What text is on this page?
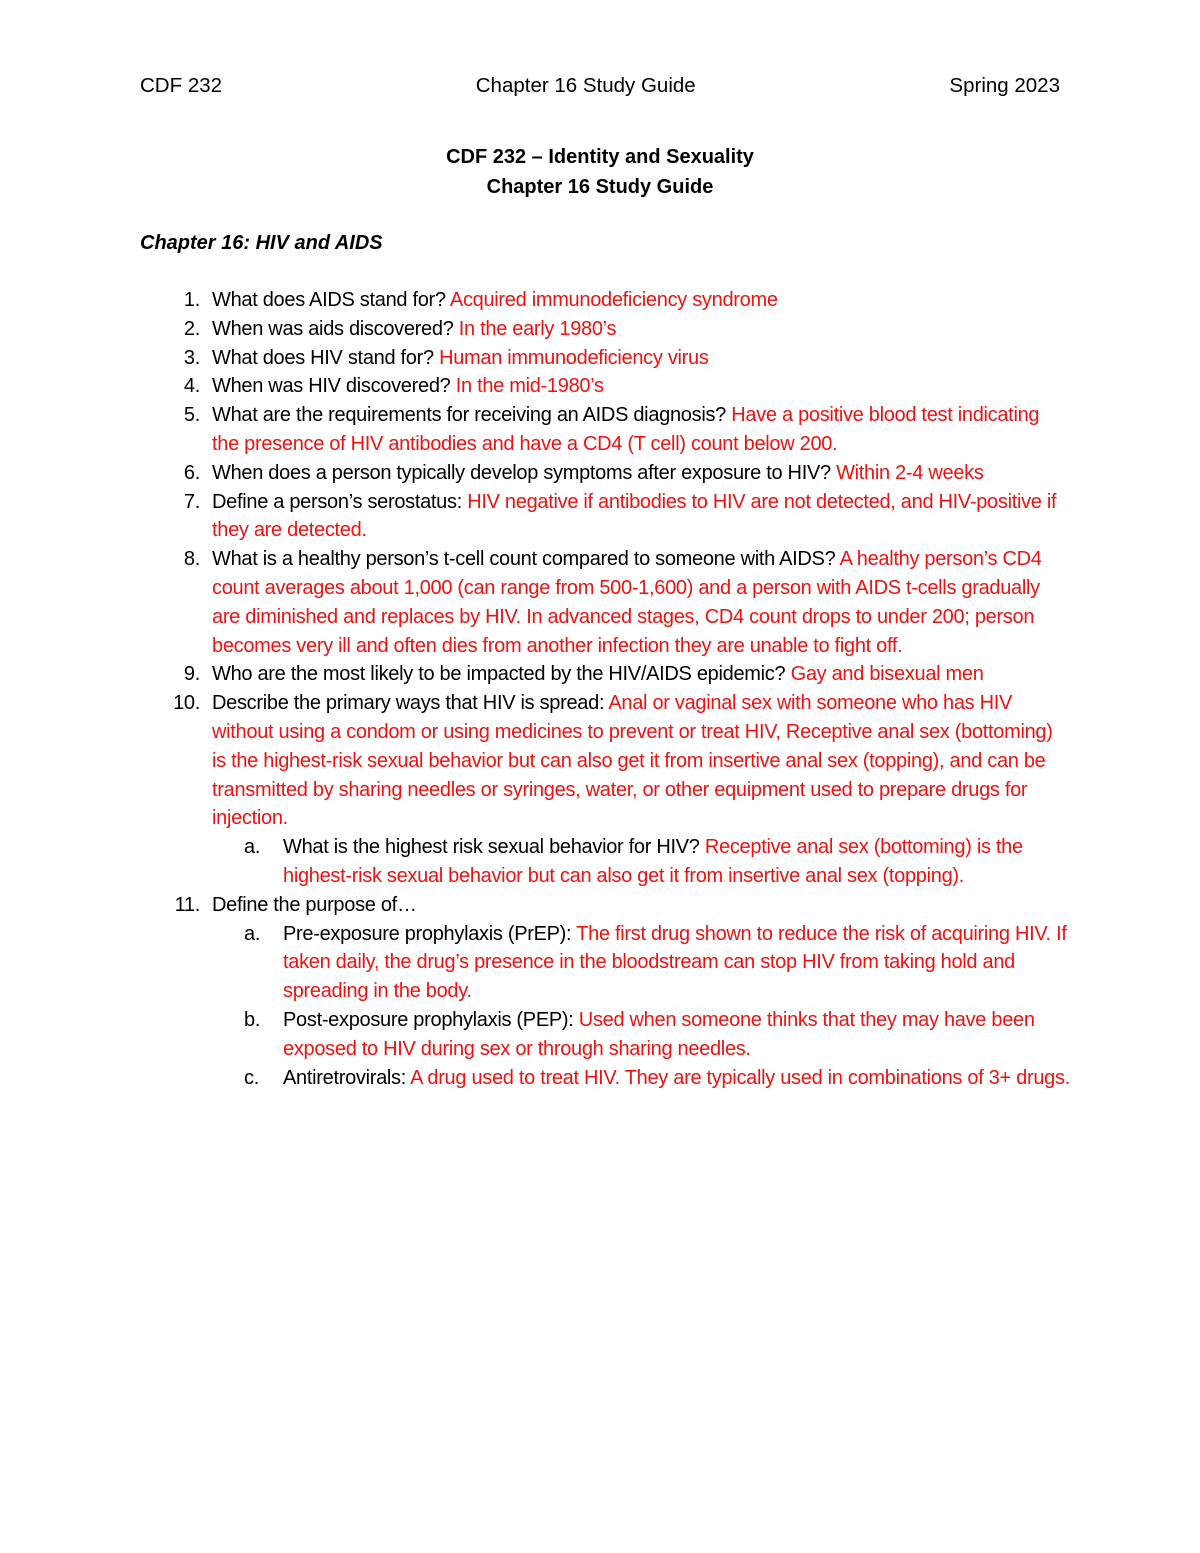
CDF 232	Chapter 16 Study Guide	Spring 2023
CDF 232 – Identity and Sexuality
Chapter 16 Study Guide
Chapter 16: HIV and AIDS
1. What does AIDS stand for? Acquired immunodeficiency syndrome
2. When was aids discovered? In the early 1980’s
3. What does HIV stand for? Human immunodeficiency virus
4. When was HIV discovered? In the mid-1980’s
5. What are the requirements for receiving an AIDS diagnosis? Have a positive blood test indicating the presence of HIV antibodies and have a CD4 (T cell) count below 200.
6. When does a person typically develop symptoms after exposure to HIV? Within 2-4 weeks
7. Define a person’s serostatus: HIV negative if antibodies to HIV are not detected, and HIV-positive if they are detected.
8. What is a healthy person’s t-cell count compared to someone with AIDS? A healthy person’s CD4 count averages about 1,000 (can range from 500-1,600) and a person with AIDS t-cells gradually are diminished and replaces by HIV. In advanced stages, CD4 count drops to under 200; person becomes very ill and often dies from another infection they are unable to fight off.
9. Who are the most likely to be impacted by the HIV/AIDS epidemic? Gay and bisexual men
10. Describe the primary ways that HIV is spread: Anal or vaginal sex with someone who has HIV without using a condom or using medicines to prevent or treat HIV, Receptive anal sex (bottoming) is the highest-risk sexual behavior but can also get it from insertive anal sex (topping), and can be transmitted by sharing needles or syringes, water, or other equipment used to prepare drugs for injection.
a. What is the highest risk sexual behavior for HIV? Receptive anal sex (bottoming) is the highest-risk sexual behavior but can also get it from insertive anal sex (topping).
11. Define the purpose of…
a. Pre-exposure prophylaxis (PrEP): The first drug shown to reduce the risk of acquiring HIV. If taken daily, the drug’s presence in the bloodstream can stop HIV from taking hold and spreading in the body.
b. Post-exposure prophylaxis (PEP): Used when someone thinks that they may have been exposed to HIV during sex or through sharing needles.
c. Antiretrovirals: A drug used to treat HIV. They are typically used in combinations of 3+ drugs.
